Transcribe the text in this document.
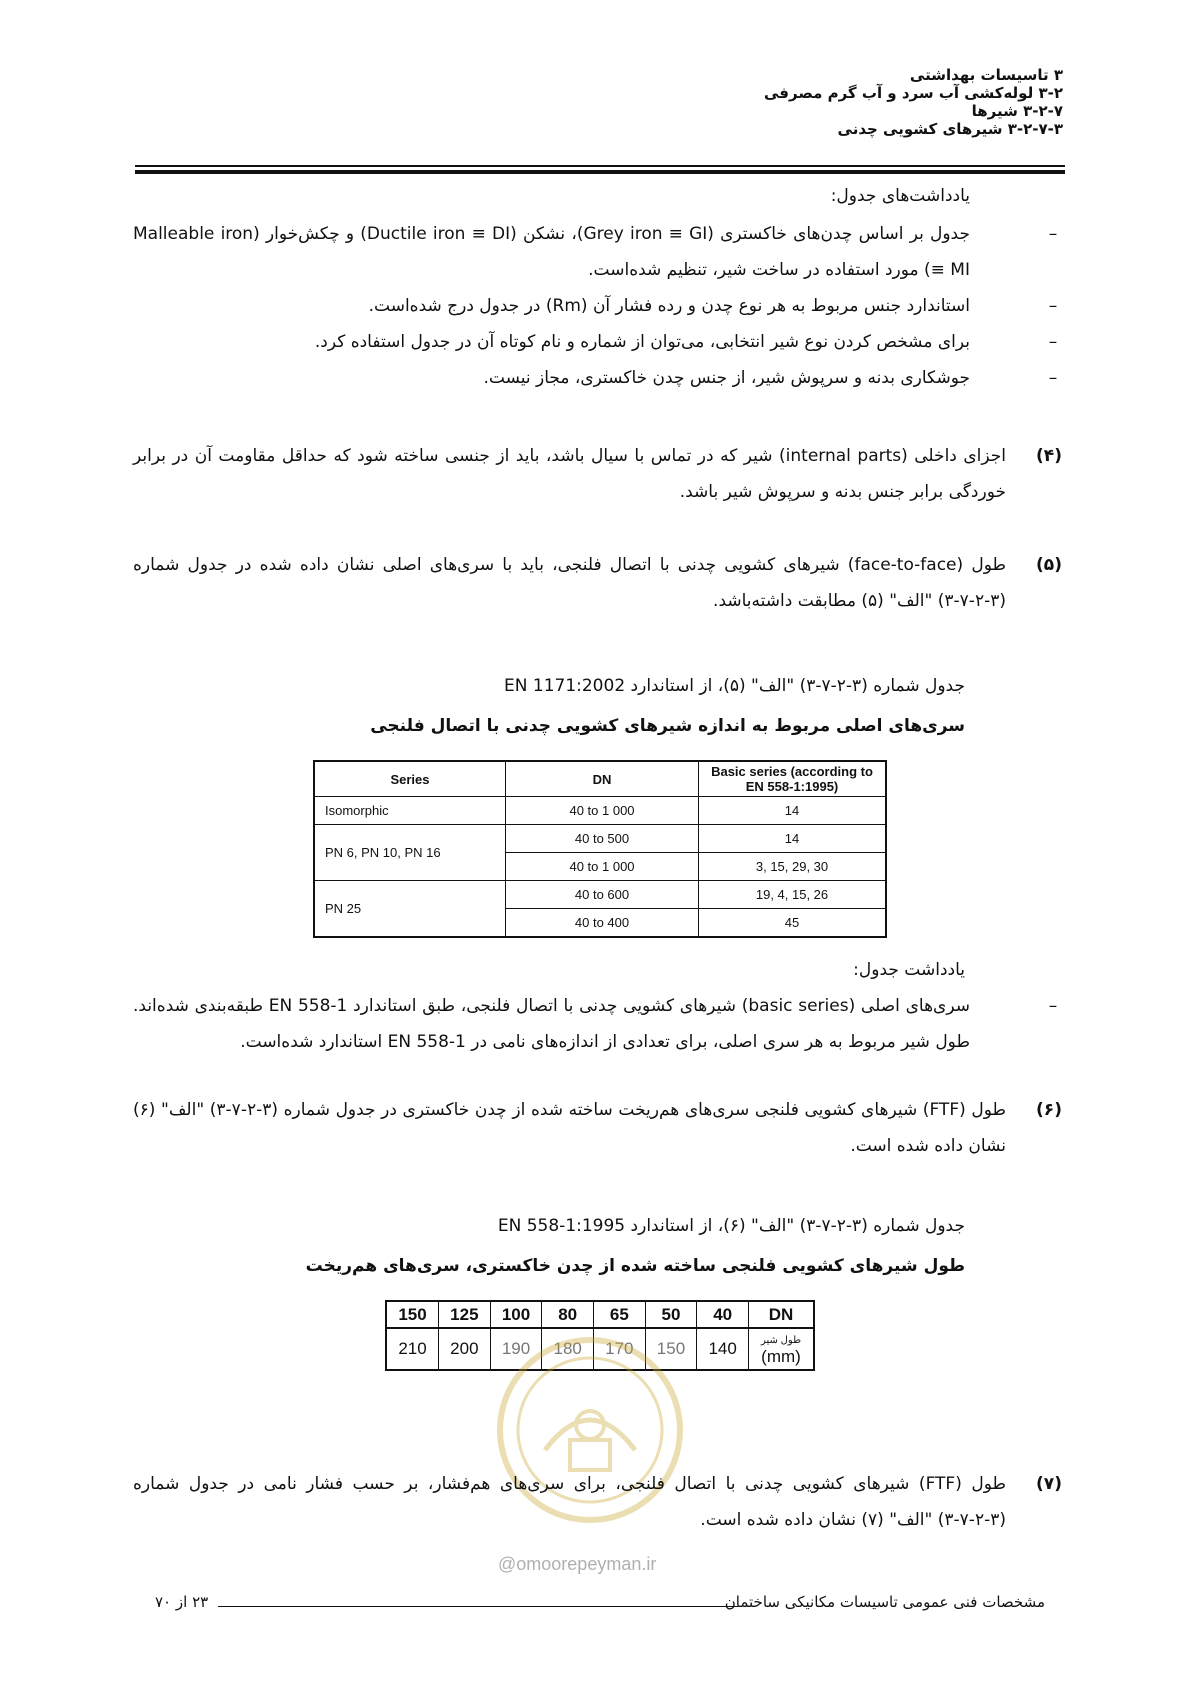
۳ تاسیسات بهداشتی
۳-۲ لوله‌کشی آب سرد و آب گرم مصرفی
۳-۲-۷ شیرها
۳-۲-۷-۳ شیرهای کشویی چدنی
یادداشت‌های جدول:
–
جدول بر اساس چدن‌های خاکستری (Grey iron ≡ GI)، نشکن (Ductile iron ≡ DI) و چکش‌خوار (Malleable iron ≡ MI) مورد استفاده در ساخت شیر، تنظیم شده‌است.
–
استاندارد جنس مربوط به هر نوع چدن و رده فشار آن (Rm) در جدول درج شده‌است.
–
برای مشخص کردن نوع شیر انتخابی، می‌توان از شماره و نام کوتاه آن در جدول استفاده کرد.
–
جوشکاری بدنه و سرپوش شیر، از جنس چدن خاکستری، مجاز نیست.
(۴)
اجزای داخلی (internal parts) شیر که در تماس با سیال باشد، باید از جنسی ساخته شود که حداقل مقاومت آن در برابر خوردگی برابر جنس بدنه و سرپوش شیر باشد.
(۵)
طول (face-to-face) شیرهای کشویی چدنی با اتصال فلنجی، باید با سری‌های اصلی نشان داده شده در جدول شماره (۳-۲-۷-۳) "الف" (۵) مطابقت داشته‌باشد.
جدول شماره (۳-۲-۷-۳) "الف" (۵)، از استاندارد EN 1171:2002
سری‌های اصلی مربوط به اندازه شیرهای کشویی چدنی با اتصال فلنجی
Series	DN	Basic series (according to EN 558-1:1995)
Isomorphic	40 to 1 000	14
PN 6, PN 10, PN 16	40 to 500	14
	40 to 1 000	3, 15, 29, 30
PN 25	40 to 600	19, 4, 15, 26
	40 to 400	45
یادداشت جدول:
–
سری‌های اصلی (basic series) شیرهای کشویی چدنی با اتصال فلنجی، طبق استاندارد EN 558-1 طبقه‌بندی شده‌اند. طول شیر مربوط به هر سری اصلی، برای تعدادی از اندازه‌های نامی در EN 558-1 استاندارد شده‌است.
(۶)
طول (FTF) شیرهای کشویی فلنجی سری‌های هم‌ریخت ساخته شده از چدن خاکستری در جدول شماره (۳-۲-۷-۳) "الف" (۶) نشان داده شده است.
جدول شماره (۳-۲-۷-۳) "الف" (۶)، از استاندارد EN 558-1:1995
طول شیرهای کشویی فلنجی ساخته شده از چدن خاکستری، سری‌های هم‌ریخت
150	125	100	80	65	50	40	DN
210	200	190	180	170	150	140	طول شیر
(mm)
(۷)
طول (FTF) شیرهای کشویی چدنی با اتصال فلنجی، برای سری‌های هم‌فشار، بر حسب فشار نامی در جدول شماره (۳-۲-۷-۳) "الف" (۷) نشان داده شده است.
@omoorepeyman.ir
۲۳ از ۷۰	مشخصات فنی عمومی تاسیسات مکانیکی ساختمان
